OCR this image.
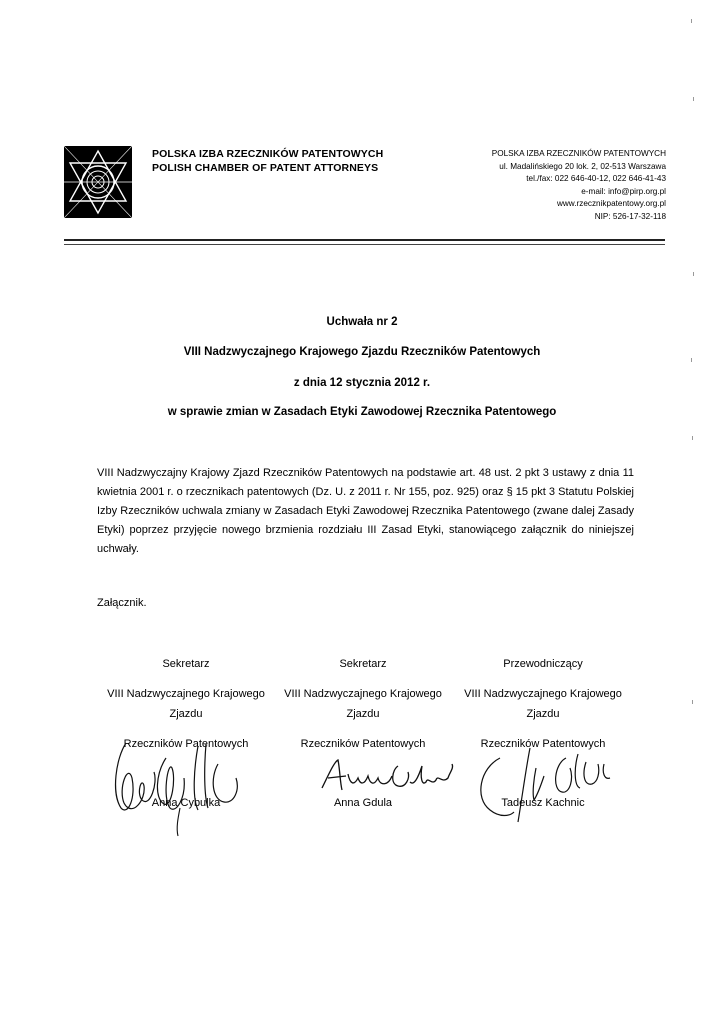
POLSKA IZBA RZECZNIKÓW PATENTOWYCH
POLISH CHAMBER OF PATENT ATTORNEYS
POLSKA IZBA RZECZNIKÓW PATENTOWYCH
ul. Madalińskiego 20 lok. 2, 02-513 Warszawa
tel./fax: 022 646-40-12, 022 646-41-43
e-mail: info@pirp.org.pl
www.rzecznikpatentowy.org.pl
NIP: 526-17-32-118
Uchwała nr 2
VIII Nadzwyczajnego Krajowego Zjazdu Rzeczników Patentowych
z dnia 12 stycznia 2012 r.
w sprawie zmian w Zasadach Etyki Zawodowej Rzecznika Patentowego
VIII Nadzwyczajny Krajowy Zjazd Rzeczników Patentowych na podstawie art. 48 ust. 2 pkt 3 ustawy z dnia 11 kwietnia 2001 r. o rzecznikach patentowych (Dz. U. z 2011 r. Nr 155, poz. 925) oraz § 15 pkt 3 Statutu Polskiej Izby Rzeczników uchwala zmiany w Zasadach Etyki Zawodowej Rzecznika Patentowego (zwane dalej Zasady Etyki) poprzez przyjęcie nowego brzmienia rozdziału III Zasad Etyki, stanowiącego załącznik do niniejszej uchwały.
Załącznik.
Sekretarz
VIII Nadzwyczajnego Krajowego
Zjazdu
Rzeczników Patentowych
Anna Cybulka
Sekretarz
VIII Nadzwyczajnego Krajowego
Zjazdu
Rzeczników Patentowych
Anna Gdula
Przewodniczący
VIII Nadzwyczajnego Krajowego
Zjazdu
Rzeczników Patentowych
Tadeusz Kachnic
